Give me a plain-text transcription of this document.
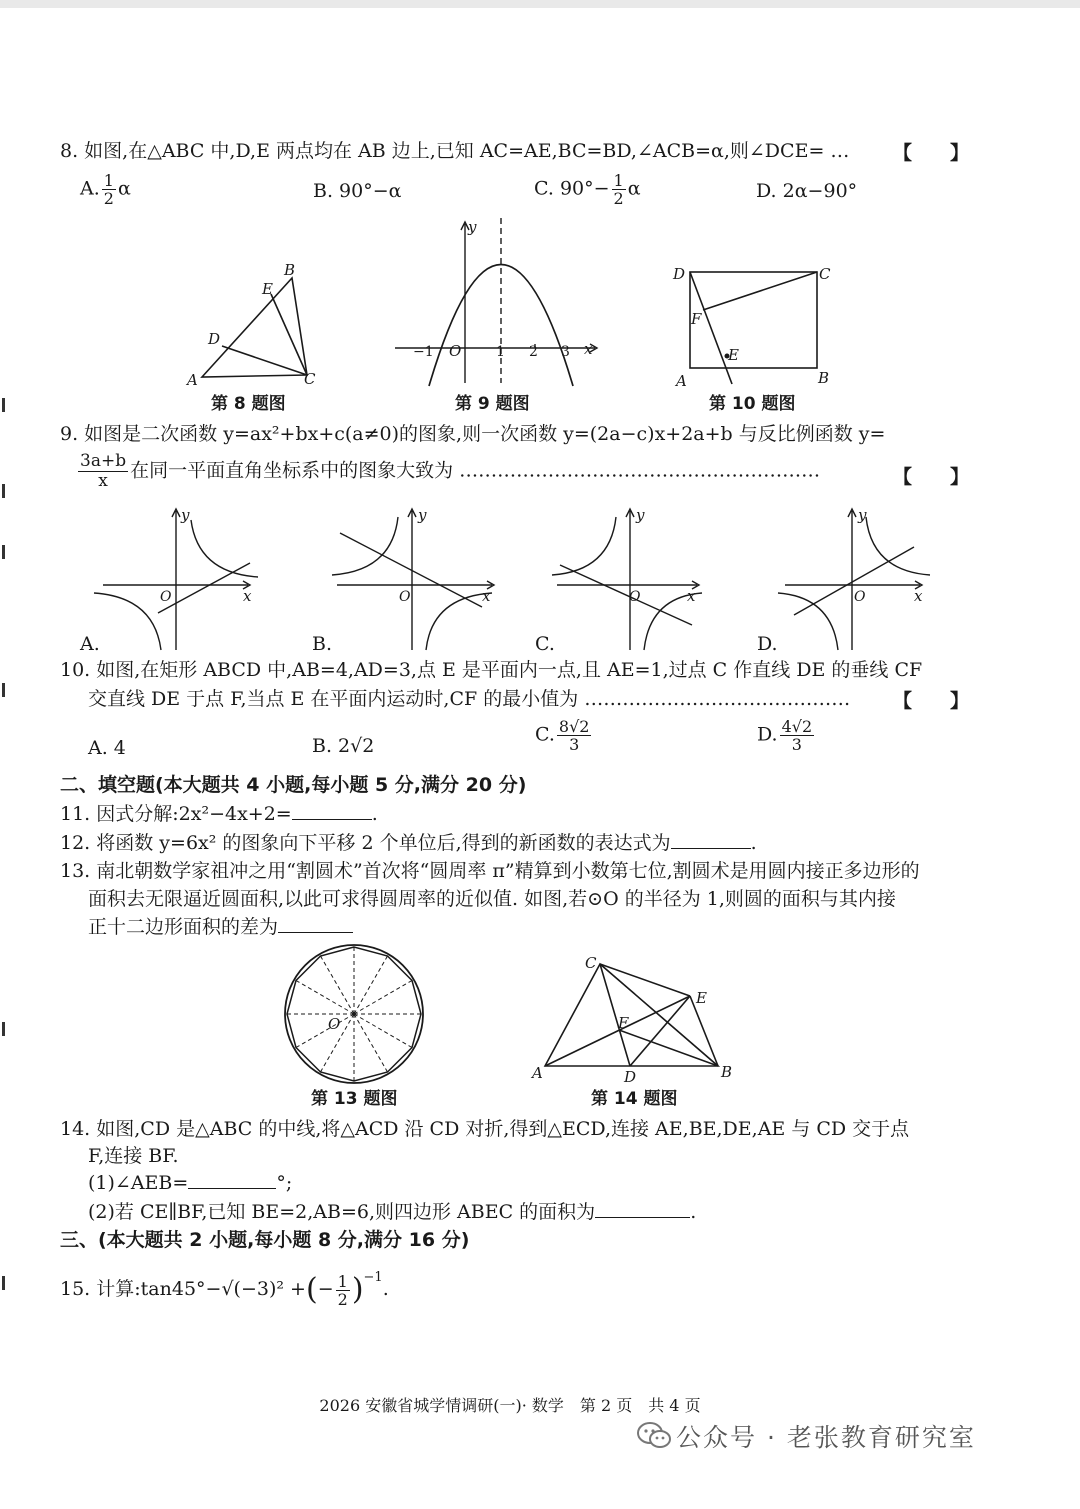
8. 如图,在△ABC 中,D,E 两点均在 AB 边上,已知 AC=AE,BC=BD,∠ACB=α,则∠DCE= … 【　　】
A. $\frac{1}{2}$ α	B. 90°−α	C. $90^\circ- \frac{1}{2}$ α	D. 2α−90°
A
B
C
D
E
第 8 题图
y
x
O
−1	1 2 3
第 9 题图
A	B
C
D
E
F
第 10 题图
9. 如图是二次函数 y=ax²+bx+c(a≠0)的图象,则一次函数 y=(2a−c)x+2a+b 与反比例函数 y=
$\frac{3a+b}{x}$ 在同一平面直角坐标系中的图象大致为 …………………………………………………	【　　】
y
x
O
y
x
O
y
x
O
y
x
O
A.	B.	C.	D.
10. 如图,在矩形 ABCD 中,AB=4,AD=3,点 E 是平面内一点,且 AE=1,过点 C 作直线 DE 的垂线 CF
交直线 DE 于点 F,当点 E 在平面内运动时,CF 的最小值为 …………………………………… 【　　】
A. 4	B. 2√2
C. $\frac{8√2}{3}$	D. $\frac{4√2}{3}$
二、填空题(本大题共 4 小题,每小题 5 分,满分 20 分)
11. 因式分解:2x²−4x+2=	.
12. 将函数 y=6x² 的图象向下平移 2 个单位后,得到的新函数的表达式为	.
13. 南北朝数学家祖冲之用“割圆术”首次将“圆周率 π”精算到小数第七位,割圆术是用圆内接正多边形的
面积去无限逼近圆面积,以此可求得圆周率的近似值. 如图,若⊙O 的半径为 1,则圆的面积与其内接
正十二边形面积的差为
O
第 13 题图
A	B
C
D
E
F
第 14 题图
14. 如图,CD 是△ABC 的中线,将△ACD 沿 CD 对折,得到△ECD,连接 AE,BE,DE,AE 与 CD 交于点
F,连接 BF.
(1)∠AEB=	°;
(2)若 CE∥BF,已知 BE=2,AB=6,则四边形 ABEC 的面积为	.
三、(本大题共 2 小题,每小题 8 分,满分 16 分)
15. 计算:tan45°−√(−3)² +(− $\frac{1}{2} )^{-1}$.
2026 安徽省城学情调研(一)· 数学　第 2 页　共 4 页
公众号 · 老张教育研究室
